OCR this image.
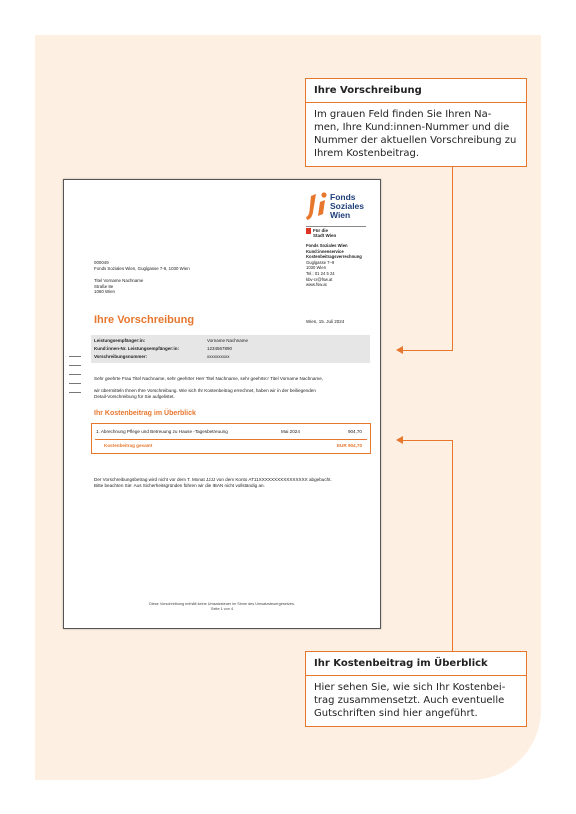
Ihre Vorschreibung
Im grauen Feld finden Sie Ihren Na-
men, Ihre Kund:innen-Nummer und die
Nummer der aktuellen Vorschreibung zu
Ihrem Kostenbeitrag.
Ihr Kostenbeitrag im Überblick
Hier sehen Sie, wie sich Ihr Kostenbei-
trag zusammensetzt. Auch eventuelle
Gutschriften sind hier angeführt.
Fonds
Soziales
Wien
Für die
Stadt Wien
Fonds Soziales Wien
Kund:innenservice
Kostenbeitragsverrechnung
Guglgasse 7–9
1030 Wien
Tel.: 01 24 5 24
kbv-cr@fsw.at
www.fsw.at
000049
Fonds Soziales Wien, Guglgasse 7-9, 1030 Wien
Titel Vorname Nachname
Straße 8e
1060 Wien
Ihre Vorschreibung	Wien, 15. Juli 2024
Leistungsempfänger:in:	Vorname Nachname
Kund:innen-Nr. Leistungsempfänger:in:	1234567890
Vorschreibungsnummer:	xxxxxxxxxx
Sehr geehrte Frau Titel Nachname, sehr geehrter Herr Titel Nachname, sehr geehrte:r Titel Vorname Nachname,
wir übermitteln Ihnen Ihre Vorschreibung. Wie sich Ihr Kostenbeitrag errechnet, haben wir in der beiliegenden
Detail-Vorschreibung für Sie aufgelistet.
Ihr Kostenbeitrag im Überblick
1. Abrechnung Pflege und Betreuung zu Hause -Tagesbetreuung	Mai 2024	904,70
Kostenbeitrag gesamt	EUR 904,70
Der Vorschreibungsbetrag wird nicht vor dem T. Monat JJJJ von dem Konto AT11XXXXXXXXXXXXXXXX abgebucht.
Bitte beachten Sie: Aus Sicherheitsgründen führen wir die IBAN nicht vollständig an.
Diese Vorschreibung enthält keine Umsatzsteuer im Sinne des Umsatzsteuergesetzes.
Seite 1 von 4
